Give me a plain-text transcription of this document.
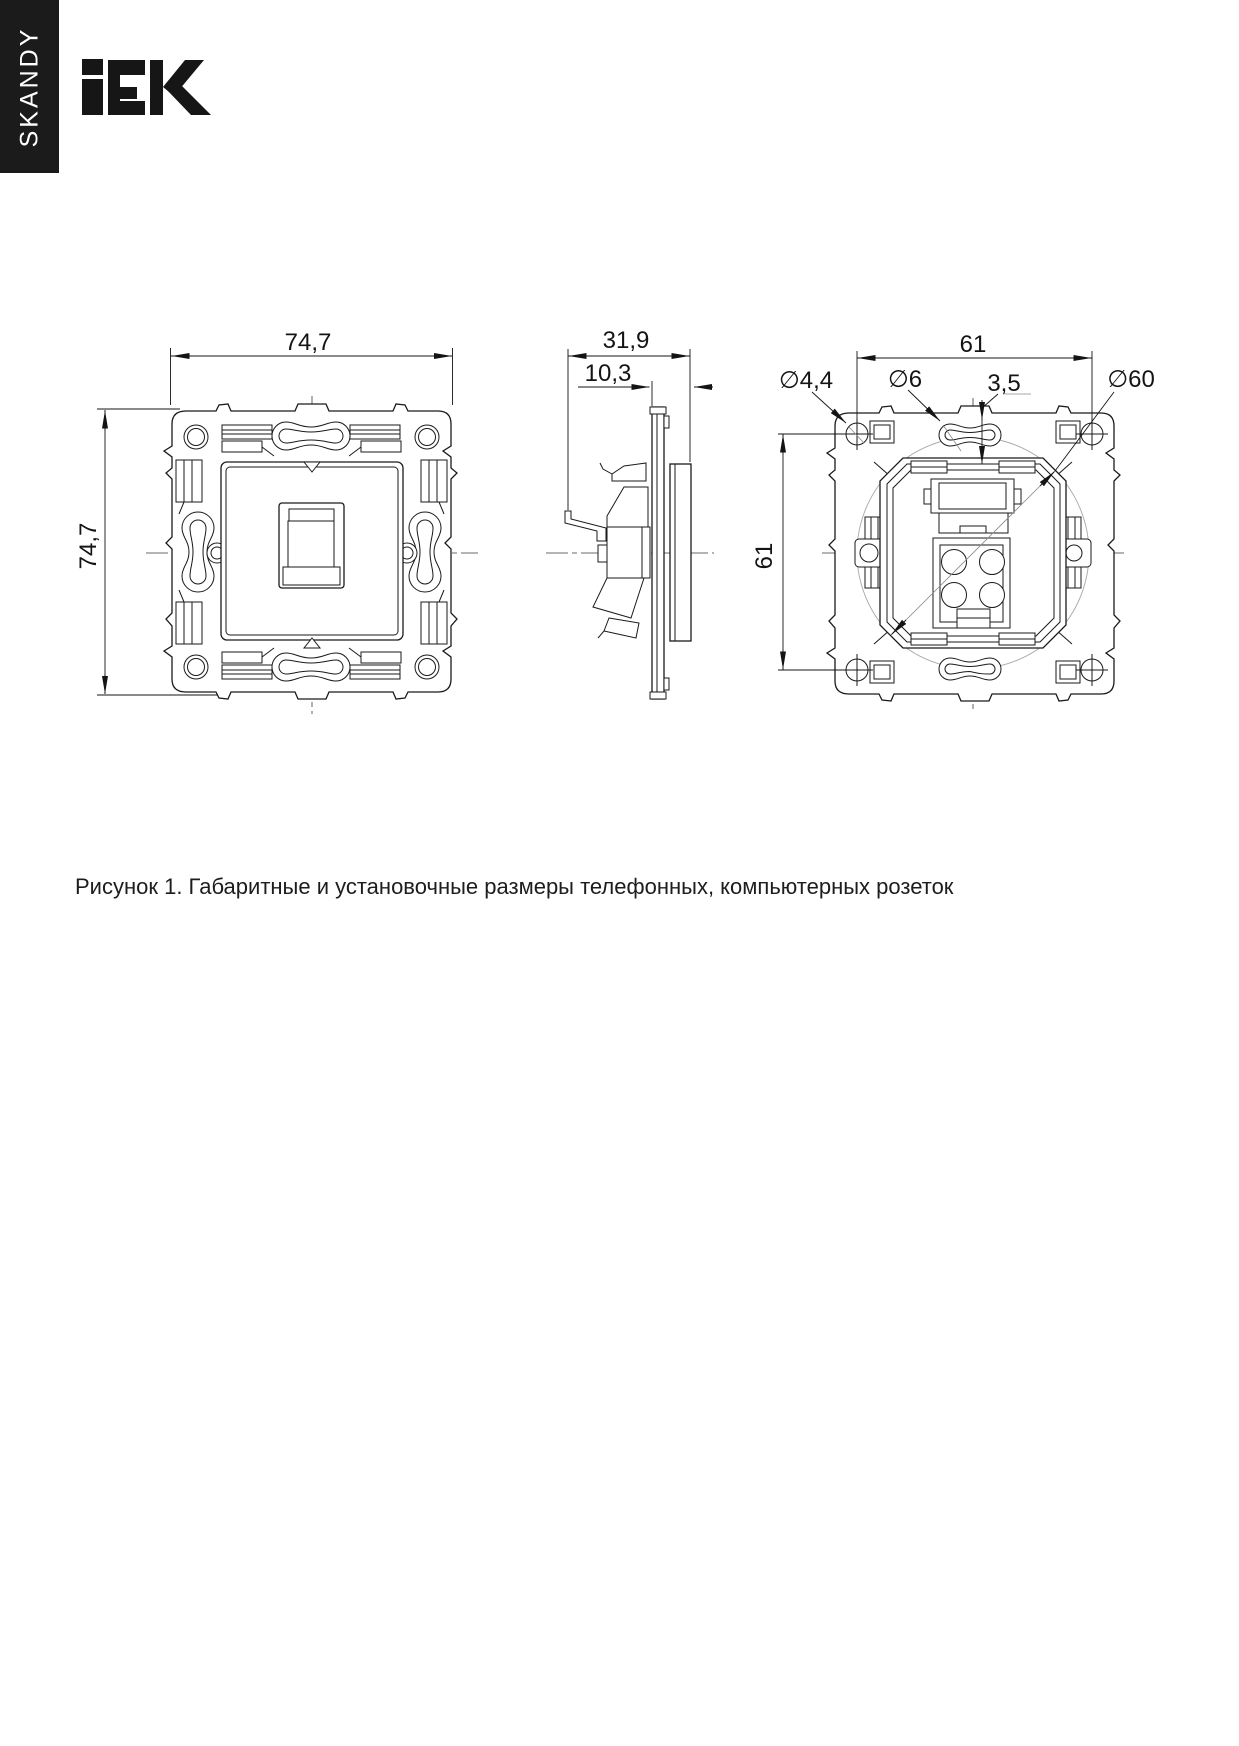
SKANDY
74,7
74,7
31,9
10,3
61
61
∅4,4 ∅6	3,5	∅60
Рисунок 1. Габаритные и установочные размеры телефонных, компьютерных розеток
